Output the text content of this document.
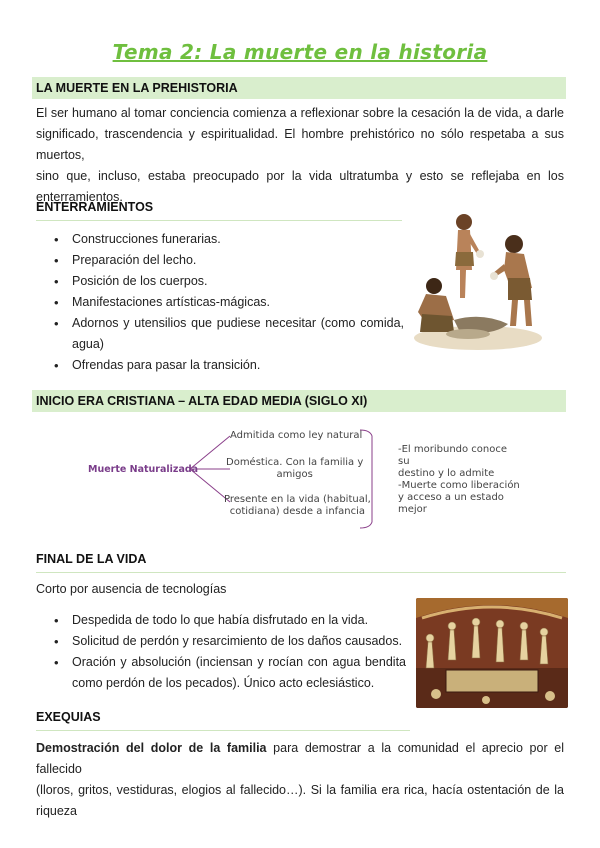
Tema 2: La muerte en la historia
LA MUERTE EN LA PREHISTORIA
El ser humano al tomar conciencia comienza a reflexionar sobre la cesación la de vida, a darle
significado, trascendencia y espiritualidad. El hombre prehistórico no sólo respetaba a sus muertos,
sino que, incluso, estaba preocupado por la vida ultratumba y esto se reflejaba en los
enterramientos.
ENTERRAMIENTOS
• Construcciones funerarias.
• Preparación del lecho.
• Posición de los cuerpos.
• Manifestaciones artísticas-mágicas.
• Adornos y utensilios que pudiese necesitar (como comida, agua)
• Ofrendas para pasar la transición.
INICIO ERA CRISTIANA – ALTA EDAD MEDIA (SIGLO XI)
Muerte Naturalizada
Admitida como ley natural
Doméstica. Con la familia y
amigos
Presente en la vida (habitual,
cotidiana) desde a infancia
-El moribundo conoce su
destino y lo admite
-Muerte como liberación
y acceso a un estado
mejor
FINAL DE LA VIDA
Corto por ausencia de tecnologías
• Despedida de todo lo que había disfrutado en la vida.
• Solicitud de perdón y resarcimiento de los daños causados.
• Oración y absolución (inciensan y rocían con agua bendita como perdón de los pecados). Único acto eclesiástico.
EXEQUIAS
Demostración del dolor de la familia para demostrar a la comunidad el aprecio por el fallecido
(lloros, gritos, vestiduras, elogios al fallecido…). Si la familia era rica, hacía ostentación de la riqueza
